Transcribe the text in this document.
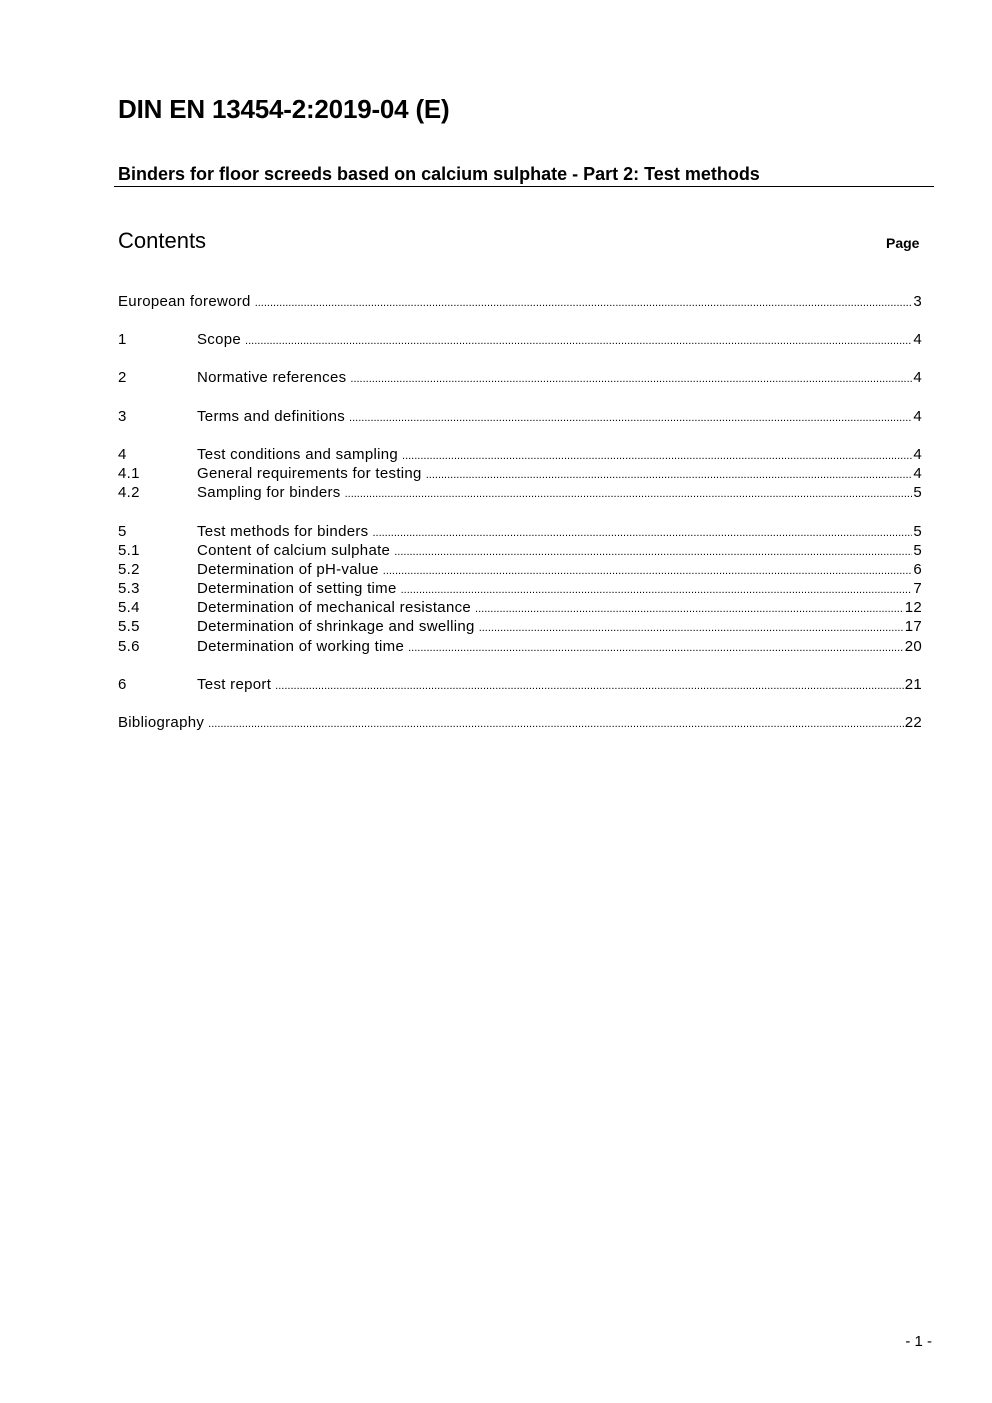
DIN EN 13454-2:2019-04 (E)
Binders for floor screeds based on calcium sulphate - Part 2: Test methods
Contents	Page
European foreword .....	3
1	Scope .....	4
2	Normative references .....	4
3	Terms and definitions .....	4
4	Test conditions and sampling .....	4
4.1	General requirements for testing .....	4
4.2	Sampling for binders .....	5
5	Test methods for binders .....	5
5.1	Content of calcium sulphate .....	5
5.2	Determination of pH-value .....	6
5.3	Determination of setting time .....	7
5.4	Determination of mechanical resistance .....	12
5.5	Determination of shrinkage and swelling .....	17
5.6	Determination of working time .....	20
6	Test report .....	21
Bibliography .....	22
- 1 -
